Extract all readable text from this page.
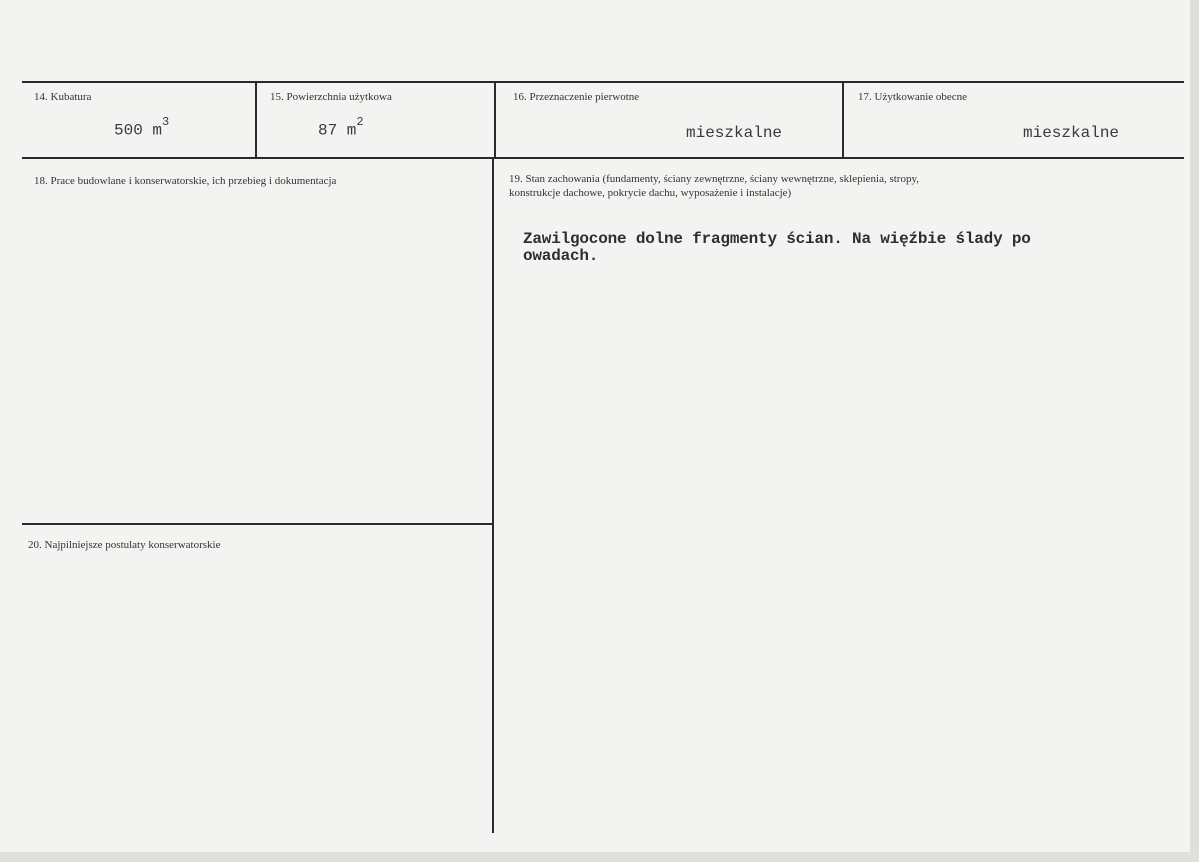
14. Kubatura
500 $m^3$
15. Powierzchnia użytkowa
87 $m^2$
16. Przeznaczenie pierwotne
mieszkalne
17. Użytkowanie obecne
mieszkalne
18. Prace budowlane i konserwatorskie, ich przebieg i dokumentacja	19. Stan zachowania (fundamenty, ściany zewnętrzne, ściany wewnętrzne, sklepienia, stropy,
konstrukcje dachowe, pokrycie dachu, wyposażenie i instalacje)
Zawilgocone dolne fragmenty ścian. Na więźbie ślady po
owadach.
20. Najpilniejsze postulaty konserwatorskie
